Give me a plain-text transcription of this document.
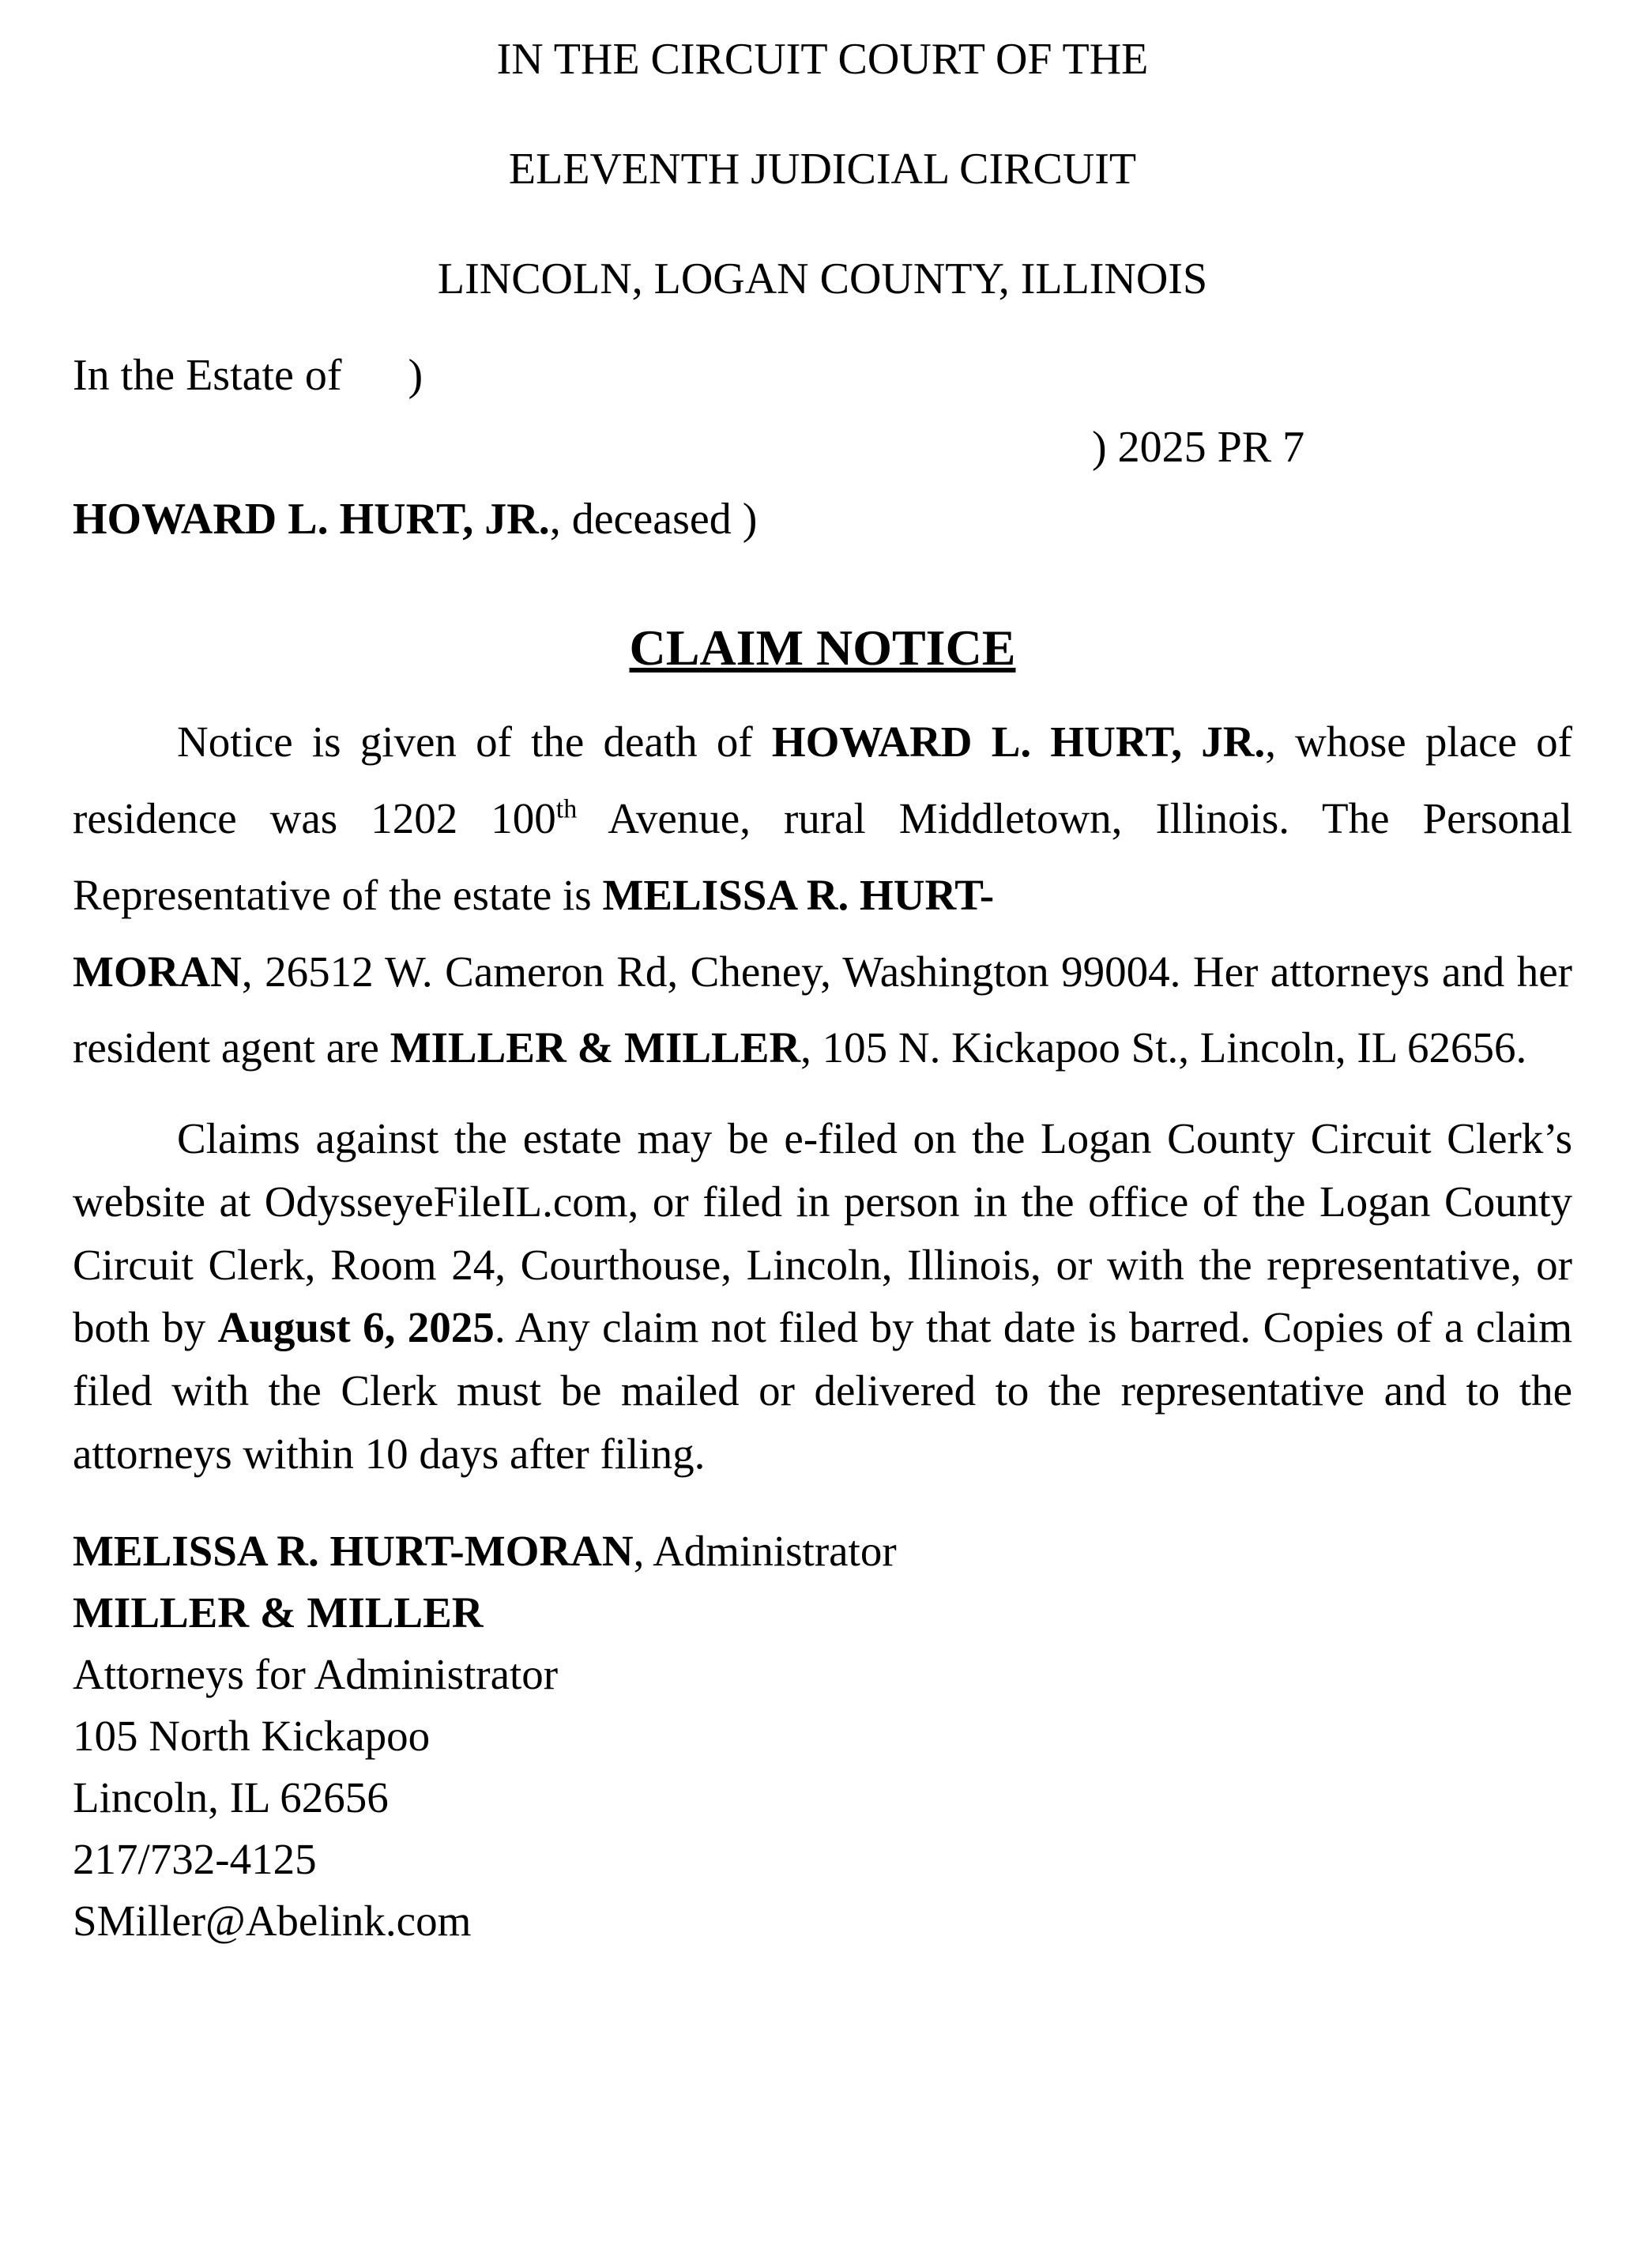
IN THE CIRCUIT COURT OF THE
ELEVENTH JUDICIAL CIRCUIT
LINCOLN, LOGAN COUNTY, ILLINOIS
In the Estate of )
) 2025 PR 7
HOWARD L. HURT, JR., deceased )
CLAIM NOTICE

Notice is given of the death of HOWARD L. HURT, JR., whose place of residence was 1202 100th Avenue, rural Middletown, Illinois. The Personal Representative of the estate is MELISSA R. HURT-
MORAN, 26512 W. Cameron Rd, Cheney, Washington 99004. Her attorneys and her resident agent are MILLER & MILLER, 105 N. Kickapoo St., Lincoln, IL 62656.

Claims against the estate may be e-filed on the Logan County Circuit Clerk’s website at OdysseyeFileIL.com, or filed in person in the office of the Logan County Circuit Clerk, Room 24, Courthouse, Lincoln, Illinois, or with the representative, or both by August 6, 2025. Any claim not filed by that date is barred. Copies of a claim filed with the Clerk must be mailed or delivered to the representative and to the attorneys within 10 days after filing.

MELISSA R. HURT-MORAN, Administrator
MILLER & MILLER
Attorneys for Administrator
105 North Kickapoo
Lincoln, IL 62656
217/732-4125
SMiller@Abelink.com
